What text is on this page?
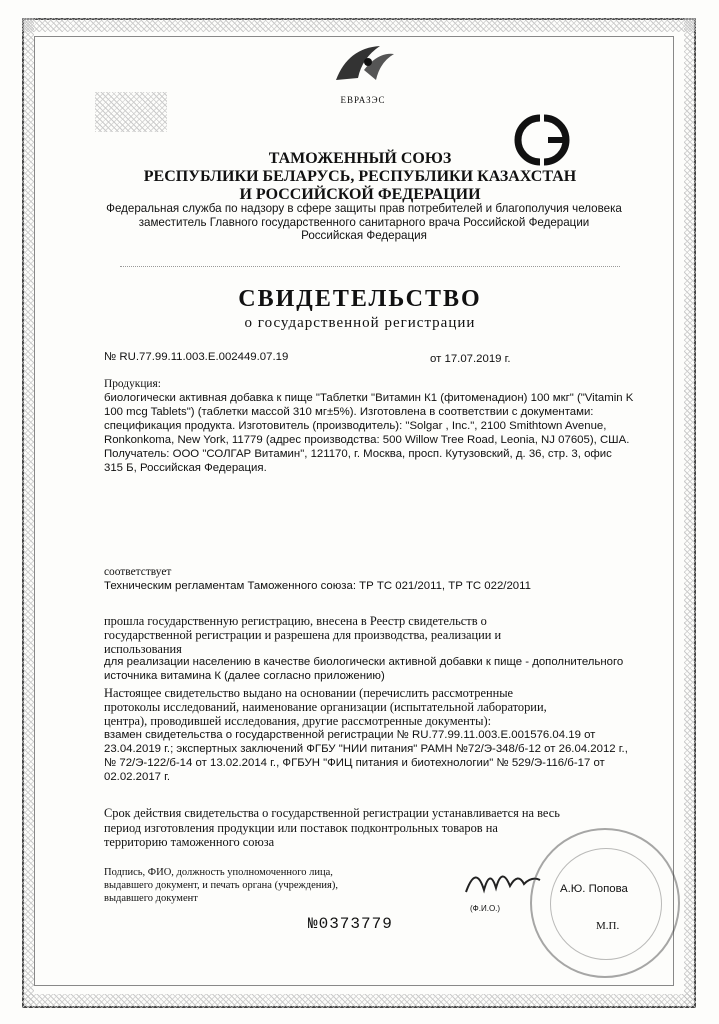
ЕВРАЗЭС
ТАМОЖЕННЫЙ СОЮЗ
РЕСПУБЛИКИ БЕЛАРУСЬ, РЕСПУБЛИКИ КАЗАХСТАН
И РОССИЙСКОЙ ФЕДЕРАЦИИ
Федеральная служба по надзору в сфере защиты прав потребителей и благополучия человека
заместитель Главного государственного санитарного врача Российской Федерации
Российская Федерация
СВИДЕТЕЛЬСТВО
о государственной регистрации
№ RU.77.99.11.003.E.002449.07.19	от 17.07.2019 г.
Продукция:
биологически активная добавка к пище "Таблетки "Витамин К1 (фитоменадион) 100 мкг" ("Vitamin K
100 mcg Tablets") (таблетки массой 310 мг±5%). Изготовлена в соответствии с документами:
спецификация продукта. Изготовитель (производитель): "Solgar , Inc.", 2100 Smithtown Avenue,
Ronkonkoma, New York, 11779 (адрес производства: 500 Willow Tree Road, Leonia, NJ 07605), США.
Получатель: ООО "СОЛГАР Витамин", 121170, г. Москва, просп. Кутузовский, д. 36, стр. 3, офис
315 Б, Российская Федерация.
соответствует
Техническим регламентам Таможенного союза: ТР ТС 021/2011, ТР ТС 022/2011
прошла государственную регистрацию, внесена в Реестр свидетельств о
государственной регистрации и разрешена для производства, реализации и
использования
для реализации населению в качестве биологически активной добавки к пище - дополнительного
источника витамина К (далее согласно приложению)
Настоящее свидетельство выдано на основании (перечислить рассмотренные
протоколы исследований, наименование организации (испытательной лаборатории,
центра), проводившей исследования, другие рассмотренные документы):
взамен свидетельства о государственной регистрации № RU.77.99.11.003.E.001576.04.19 от
23.04.2019 г.; экспертных заключений ФГБУ "НИИ питания" РАМН №72/Э-348/б-12 от 26.04.2012 г.,
№ 72/Э-122/б-14 от 13.02.2014 г., ФГБУН "ФИЦ питания и биотехнологии" № 529/Э-116/б-17 от
02.02.2017 г.
Срок действия свидетельства о государственной регистрации устанавливается на весь
период изготовления продукции или поставок подконтрольных товаров на
территорию таможенного союза
Подпись, ФИО, должность уполномоченного лица,
выдавшего документ, и печать органа (учреждения),
выдавшего документ
А.Ю. Попова
(Ф.И.О.)
М.П.
№0373779
